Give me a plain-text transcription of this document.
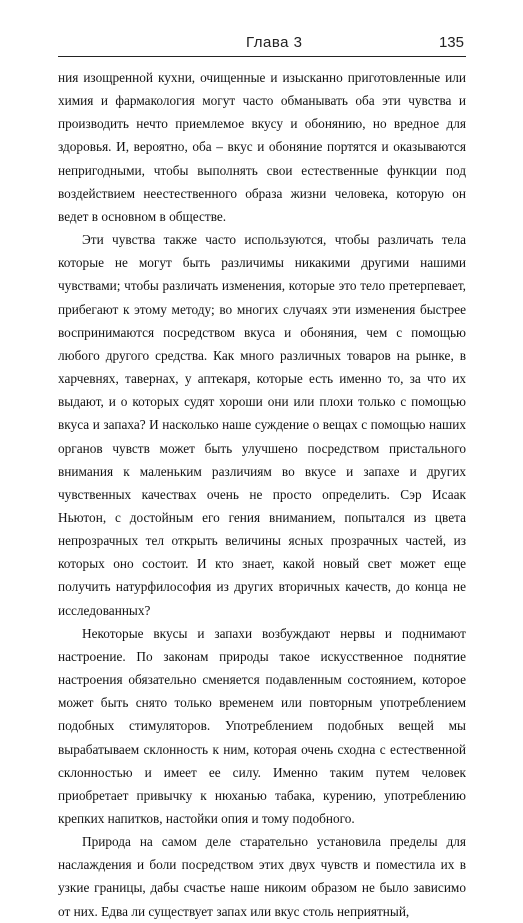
Глава 3	135

ния изощренной кухни, очищенные и изысканно приготовленные или химия и фармакология могут часто обманывать оба эти чувства и производить нечто приемлемое вкусу и обонянию, но вредное для здоровья. И, вероятно, оба – вкус и обоняние портятся и оказываются непригодными, чтобы выполнять свои естественные функции под воздействием неестественного образа жизни человека, которую он ведет в основном в обществе.

Эти чувства также часто используются, чтобы различать тела которые не могут быть различимы никакими другими нашими чувствами; чтобы различать изменения, которые это тело претерпевает, прибегают к этому методу; во многих случаях эти изменения быстрее воспринимаются посредством вкуса и обоняния, чем с помощью любого другого средства. Как много различных товаров на рынке, в харчевнях, тавернах, у аптекаря, которые есть именно то, за что их выдают, и о которых судят хороши они или плохи только с помощью вкуса и запаха? И насколько наше суждение о вещах с помощью наших органов чувств может быть улучшено посредством пристального внимания к маленьким различиям во вкусе и запахе и других чувственных качествах очень не просто определить. Сэр Исаак Ньютон, с достойным его гения вниманием, попытался из цвета непрозрачных тел открыть величины ясных прозрачных частей, из которых оно состоит. И кто знает, какой новый свет может еще получить натурфилософия из других вторичных качеств, до конца не исследованных?

Некоторые вкусы и запахи возбуждают нервы и поднимают настроение. По законам природы такое искусственное поднятие настроения обязательно сменяется подавленным состоянием, которое может быть снято только временем или повторным употреблением подобных стимуляторов. Употреблением подобных вещей мы вырабатываем склонность к ним, которая очень сходна с естественной склонностью и имеет ее силу. Именно таким путем человек приобретает привычку к нюханью табака, курению, употреблению крепких напитков, настойки опия и тому подобного.

Природа на самом деле старательно установила пределы для наслаждения и боли посредством этих двух чувств и поместила их в узкие границы, дабы счастье наше никоим образом не было зависимо от них. Едва ли существует запах или вкус столь неприятный,
